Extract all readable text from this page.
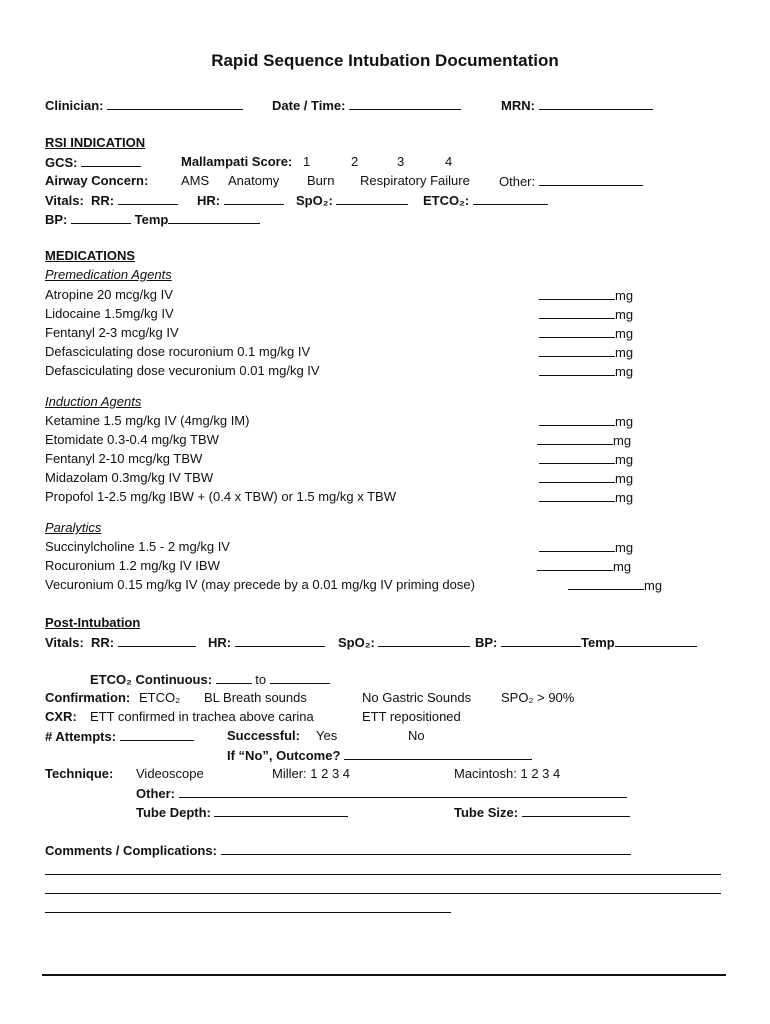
Rapid Sequence Intubation Documentation
Clinician:	Date / Time:	MRN:
RSI INDICATION
GCS:	Mallampati Score: 1	2	3	4
Airway Concern:	AMS Anatomy Burn Respiratory Failure Other:
Vitals: RR:	HR:	SpO₂:	ETCO₂:
BP:	Temp
MEDICATIONS
Premedication Agents
Atropine 20 mcg/kg IV	mg
Lidocaine 1.5mg/kg IV	mg
Fentanyl 2-3 mcg/kg IV	mg
Defasciculating dose rocuronium 0.1 mg/kg IV	mg
Defasciculating dose vecuronium 0.01 mg/kg IV	mg
Induction Agents
Ketamine 1.5 mg/kg IV (4mg/kg IM)	mg
Etomidate 0.3-0.4 mg/kg TBW	mg
Fentanyl 2-10 mcg/kg TBW	mg
Midazolam 0.3mg/kg IV TBW	mg
Propofol 1-2.5 mg/kg IBW + (0.4 x TBW) or 1.5 mg/kg x TBW	mg
Paralytics
Succinylcholine 1.5 - 2 mg/kg IV	mg
Rocuronium 1.2 mg/kg IV IBW	mg
Vecuronium 0.15 mg/kg IV (may precede by a 0.01 mg/kg IV priming dose)	mg
Post-Intubation
Vitals: RR:	HR:	SpO₂:	BP:	Temp
ETCO₂ Continuous:	to
Confirmation: ETCO₂ BL Breath sounds	No Gastric Sounds SPO₂ > 90%
CXR: ETT confirmed in trachea above carina	ETT repositioned
# Attempts:	Successful: Yes	No
If “No”, Outcome?
Technique: Videoscope	Miller: 1 2 3 4	Macintosh: 1 2 3 4
Other:
Tube Depth:	Tube Size:
Comments / Complications:
